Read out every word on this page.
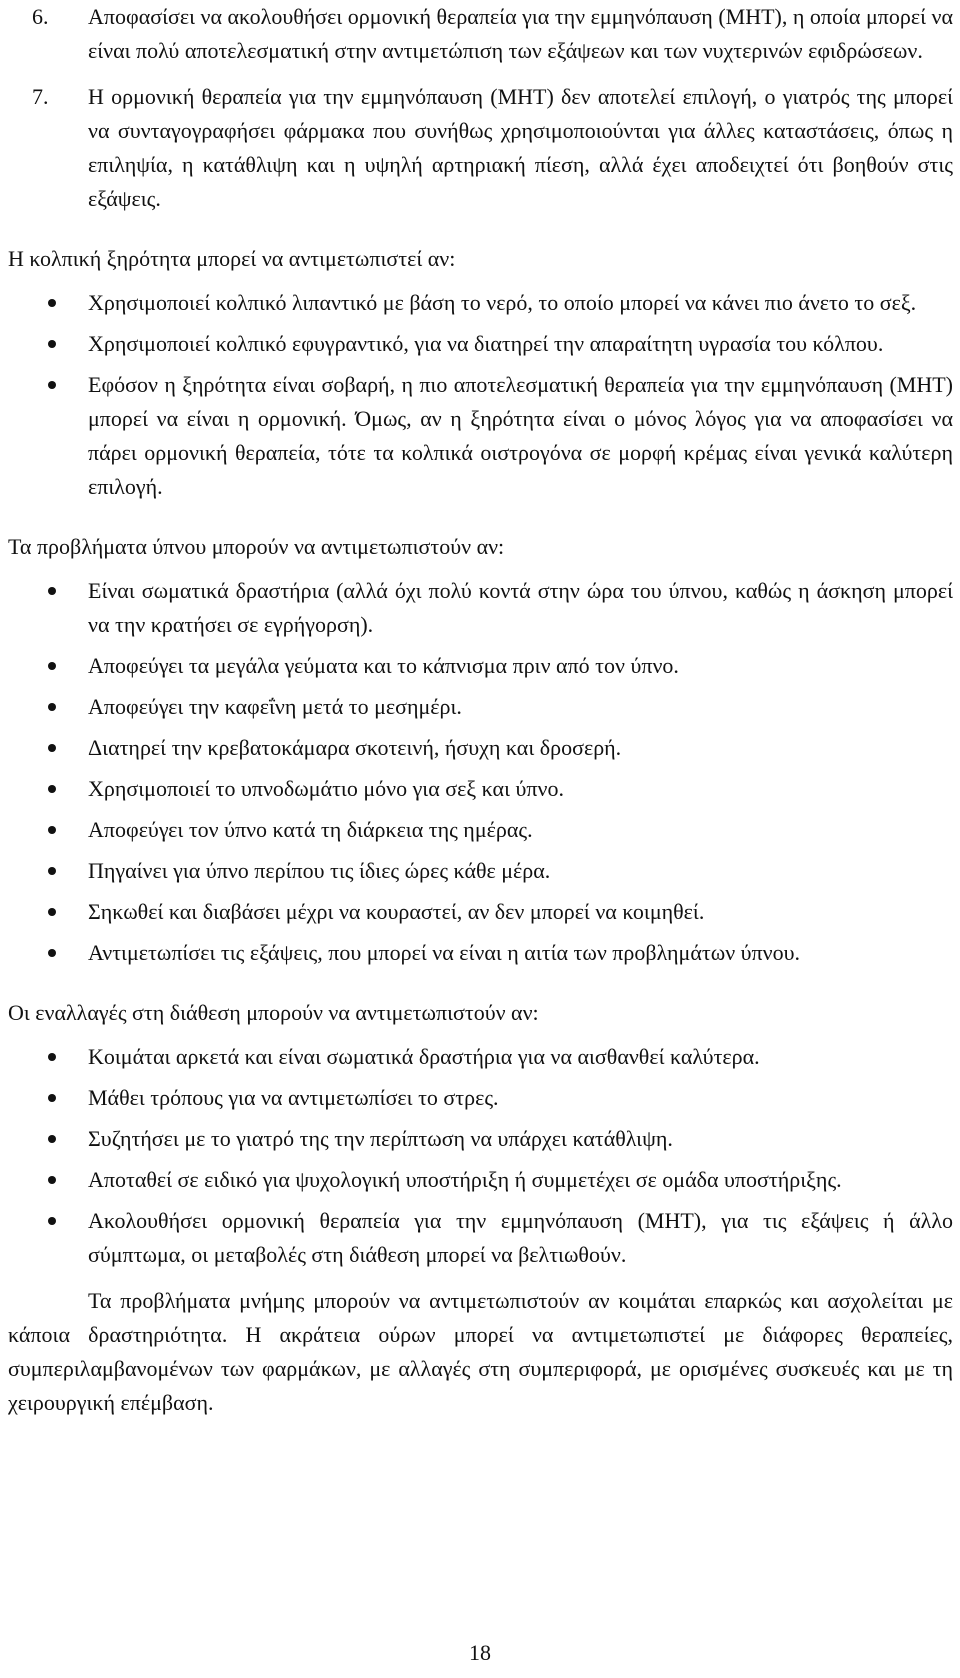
6. Αποφασίσει να ακολουθήσει ορμονική θεραπεία για την εμμηνόπαυση (ΜΗΤ), η οποία μπορεί να είναι πολύ αποτελεσματική στην αντιμετώπιση των εξάψεων και των νυχτερινών εφιδρώσεων.
7. Η ορμονική θεραπεία για την εμμηνόπαυση (ΜΗΤ) δεν αποτελεί επιλογή, ο γιατρός της μπορεί να συνταγογραφήσει φάρμακα που συνήθως χρησιμοποιούνται για άλλες καταστάσεις, όπως η επιληψία, η κατάθλιψη και η υψηλή αρτηριακή πίεση, αλλά έχει αποδειχτεί ότι βοηθούν στις εξάψεις.
Η κολπική ξηρότητα μπορεί να αντιμετωπιστεί αν:
Χρησιμοποιεί κολπικό λιπαντικό με βάση το νερό, το οποίο μπορεί να κάνει πιο άνετο το σεξ.
Χρησιμοποιεί κολπικό εφυγραντικό, για να διατηρεί την απαραίτητη υγρασία του κόλπου.
Εφόσον η ξηρότητα είναι σοβαρή, η πιο αποτελεσματική θεραπεία για την εμμηνόπαυση (ΜΗΤ) μπορεί να είναι η ορμονική. Όμως, αν η ξηρότητα είναι ο μόνος λόγος για να αποφασίσει να πάρει ορμονική θεραπεία, τότε τα κολπικά οιστρογόνα σε μορφή κρέμας είναι γενικά καλύτερη επιλογή.
Τα προβλήματα ύπνου μπορούν να αντιμετωπιστούν αν:
Είναι σωματικά δραστήρια (αλλά όχι πολύ κοντά στην ώρα του ύπνου, καθώς η άσκηση μπορεί να την κρατήσει σε εγρήγορση).
Αποφεύγει τα μεγάλα γεύματα και το κάπνισμα πριν από τον ύπνο.
Αποφεύγει την καφεΐνη μετά το μεσημέρι.
Διατηρεί την κρεβατοκάμαρα σκοτεινή, ήσυχη και δροσερή.
Χρησιμοποιεί το υπνοδωμάτιο μόνο για σεξ και ύπνο.
Αποφεύγει τον ύπνο κατά τη διάρκεια της ημέρας.
Πηγαίνει για ύπνο περίπου τις ίδιες ώρες κάθε μέρα.
Σηκωθεί και διαβάσει μέχρι να κουραστεί, αν δεν μπορεί να κοιμηθεί.
Αντιμετωπίσει τις εξάψεις, που μπορεί να είναι η αιτία των προβλημάτων ύπνου.
Οι εναλλαγές στη διάθεση μπορούν να αντιμετωπιστούν αν:
Κοιμάται αρκετά και είναι σωματικά δραστήρια για να αισθανθεί καλύτερα.
Μάθει τρόπους για να αντιμετωπίσει το στρες.
Συζητήσει με το γιατρό της την περίπτωση να υπάρχει κατάθλιψη.
Αποταθεί σε ειδικό για ψυχολογική υποστήριξη ή συμμετέχει σε ομάδα υποστήριξης.
Ακολουθήσει ορμονική θεραπεία για την εμμηνόπαυση (ΜΗΤ), για τις εξάψεις ή άλλο σύμπτωμα, οι μεταβολές στη διάθεση μπορεί να βελτιωθούν.
Τα προβλήματα μνήμης μπορούν να αντιμετωπιστούν αν κοιμάται επαρκώς και ασχολείται με κάποια δραστηριότητα. Η ακράτεια ούρων μπορεί να αντιμετωπιστεί με διάφορες θεραπείες, συμπεριλαμβανομένων των φαρμάκων, με αλλαγές στη συμπεριφορά, με ορισμένες συσκευές και με τη χειρουργική επέμβαση.
18
